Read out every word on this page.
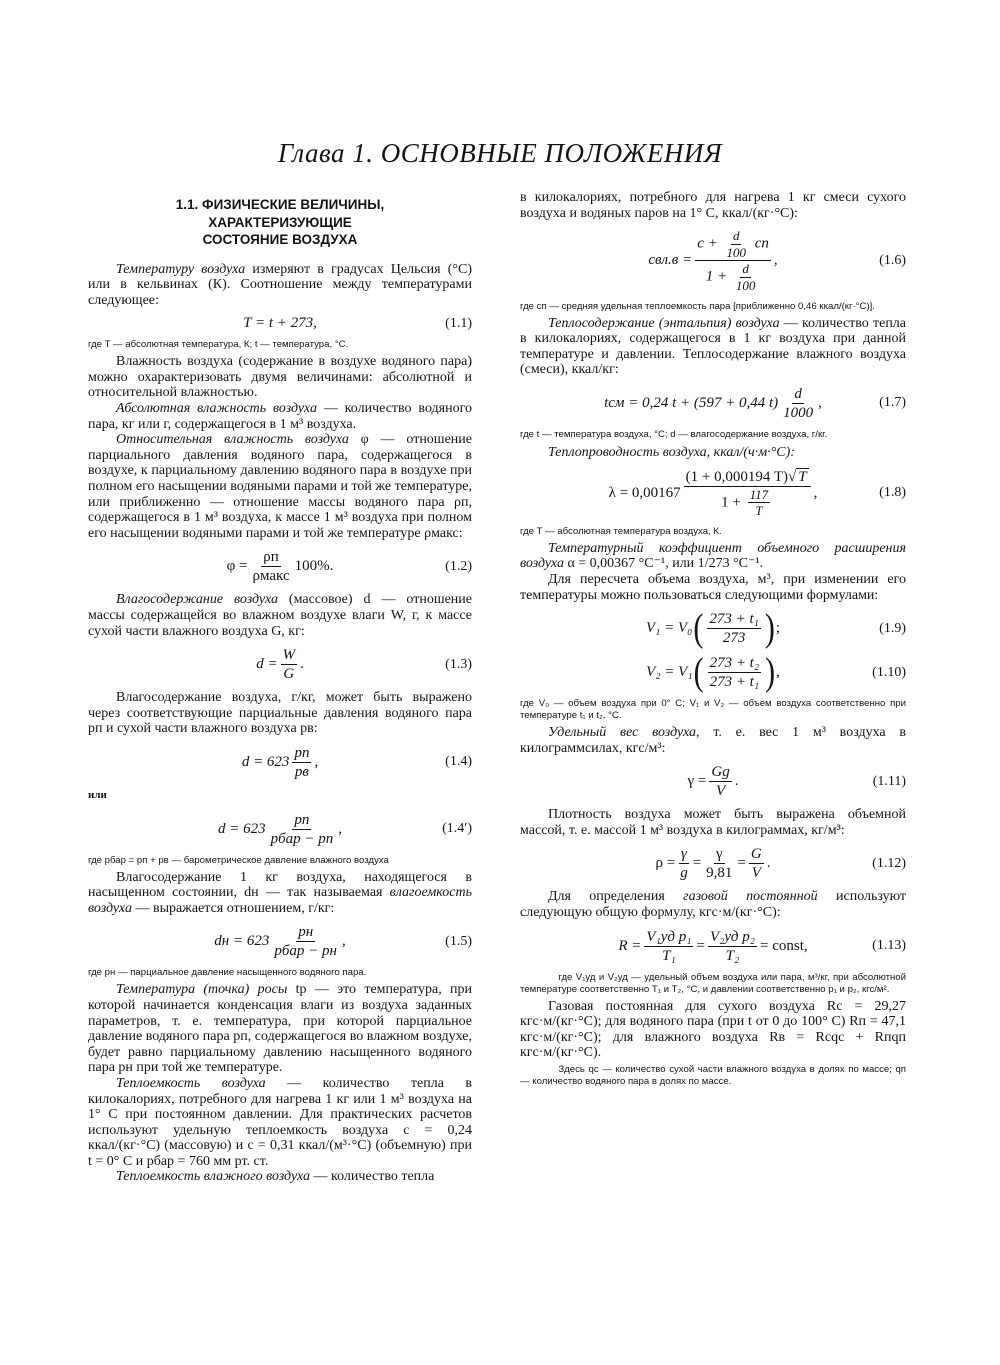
Глава 1. ОСНОВНЫЕ ПОЛОЖЕНИЯ
1.1. ФИЗИЧЕСКИЕ ВЕЛИЧИНЫ,
ХАРАКТЕРИЗУЮЩИЕ
СОСТОЯНИЕ ВОЗДУХА

Температуру воздуха измеряют в градусах Цельсия (°С) или в кельвинах (К). Соотношение между температурами следующее:

T = t + 273,	(1.1)

где T — абсолютная температура, К; t — температура, °С.

Влажность воздуха (содержание в воздухе водяного пара) можно охарактеризовать двумя величинами: абсолютной и относительной влажностью.

Абсолютная влажность воздуха — количество водяного пара, кг или г, содержащегося в 1 м³ воздуха.

Относительная влажность воздуха φ — отношение парциального давления водяного пара, содержащегося в воздухе, к парциальному давлению водяного пара в воздухе при полном его насыщении водяными парами и той же температуре, или приближенно — отношение массы водяного пара ρп, содержащегося в 1 м³ воздуха, к массе 1 м³ воздуха при полном его насыщении водяными парами и той же температуре ρмакс:

$\varphi = \frac{\rho п}{\text{ρмакс}} 100\%$.	(1.2)

Влагосодержание воздуха (массовое) d — отношение массы содержащейся во влажном воздухе влаги W, г, к массе сухой части влажного воздуха G, кг:

$d = \frac{W}{G}$ .	(1.3)

Влагосодержание воздуха, г/кг, может быть выражено через соответствующие парциальные давления водяного пара pп и сухой части влажного воздуха pв:

$d = 623 \frac{pп}{pв}$ ,	(1.4)

или

$d = 623 \frac{pп}{\text{pбар − pп}}$ ,	(1.4′)

где pбар = pп + pв — барометрическое давление влажного воздуха

Влагосодержание 1 кг воздуха, находящегося в насыщенном состоянии, dн — так называемая влагоемкость воздуха — выражается отношением, г/кг:

dн = $623 \frac{pн}{\text{pбар − pн}}$ ,	(1.5)

где pн — парциальное давление насыщенного водяного пара.

Температура (точка) росы tр — это температура, при которой начинается конденсация влаги из воздуха заданных параметров, т. е. температура, при которой парциальное давление водяного пара pп, содержащегося во влажном воздухе, будет равно парциальному давлению насыщенного водяного пара pн при той же температуре.

Теплоемкость воздуха — количество тепла в килокалориях, потребного для нагрева 1 кг или 1 м³ воздуха на 1° С при постоянном давлении. Для практических расчетов используют удельную теплоемкость воздуха c = 0,24 ккал/(кг·°С) (массовую) и c = 0,31 ккал/(м³·°С) (объемную) при t = 0° С и pбар = 760 мм рт. ст.

Теплоемкость влажного воздуха — количество тепла

в килокалориях, потребного для нагрева 1 кг смеси сухого воздуха и водяных паров на 1° С, ккал/(кг·°С):

$cвл.в = \frac{c + \frac{d}{100} cп}{1 + \frac{d}{100}}$ ,	(1.6)

где cп — средняя удельная теплоемкость пара [приближенно 0,46 ккал/(кг·°С)].

Теплосодержание (энтальпия) воздуха — количество тепла в килокалориях, содержащегося в 1 кг воздуха при данной температуре и давлении. Теплосодержание влажного воздуха (смеси), ккал/кг:

tсм = 0,24 t + (597 + 0,44 $t) \frac{d}{1000}$ ,	(1.7)

где t — температура воздуха, °С; d — влагосодержание воздуха, г/кг.

Теплопроводность воздуха, ккал/(ч·м·°С):

$\lambda = 0,00167 \frac{(1 + 0,000194 T)√ T}{1 + \frac{117}{T}}$ ,	(1.8)

где T — абсолютная температура воздуха, К.

Температурный коэффициент объемного расширения воздуха α = 0,00367 °С⁻¹, или 1/273 °С⁻¹.

Для пересчета объема воздуха, м³, при изменении его температуры можно пользоваться следующими формулами:

V₁ = V₀ ( $\frac{\text{273 + t₁}}{273}$ ) ;	(1.9)
V₂ = V₁ ( $\frac{\text{273 + t₂}}{\text{273 + t₁}}$ ) ,	(1.10)

где V₀ — объем воздуха при 0° С; V₁ и V₂ — объем воздуха соответственно при температуре t₁ и t₂, °С.

Удельный вес воздуха, т. е. вес 1 м³ воздуха в килограммсилах, кгс/м³:

$\gamma = \frac{Gg}{V}$ .	(1.11)

Плотность воздуха может быть выражена объемной массой, т. е. массой 1 м³ воздуха в килограммах, кг/м³:

$\rho = \frac{\gamma}{g} = \frac{\gamma}{9,81} = \frac{G}{V}$ .	(1.12)

Для определения газовой постоянной используют следующую общую формулу, кгс·м/(кг·°С):

$R = \frac{\text{V₁уд p₁}}{\text{T₁}} = \frac{\text{V₂уд p₂}}{\text{T₂}}$ = const,	(1.13)

где V₁уд и V₂уд — удельный объем воздуха или пара, м³/кг, при абсолютной температуре соответственно T₁ и T₂, °С, и давлении соответственно p₁ и p₂, кгс/м².

Газовая постоянная для сухого воздуха Rс = 29,27 кгс·м/(кг·°С); для водяного пара (при t от 0 до 100° С) Rп = 47,1 кгс·м/(кг·°С); для влажного воздуха Rв = Rсqс + Rпqп кгс·м/(кг·°С).

Здесь qс — количество сухой части влажного воздуха в долях по массе; qп — количество водяного пара в долях по массе.
